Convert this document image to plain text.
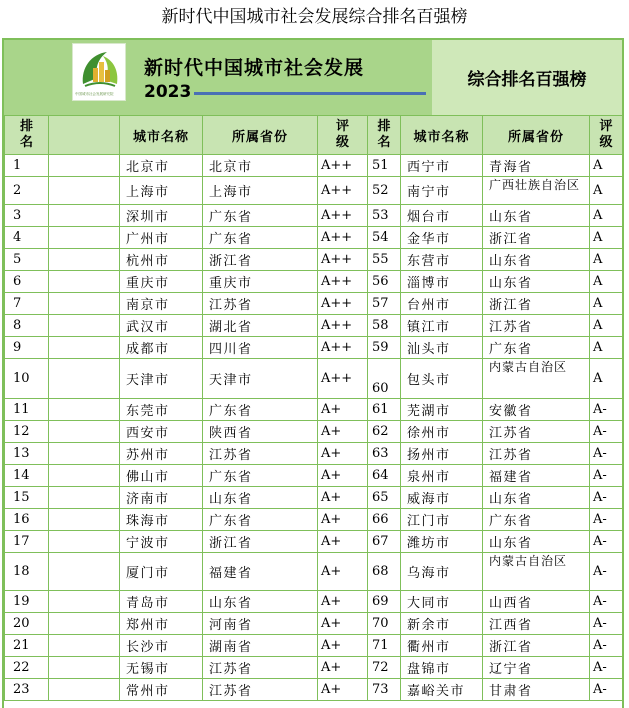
新时代中国城市社会发展综合排名百强榜
中国城市社会发展研究院
新时代中国城市社会发展
2023
综合排名百强榜
排
名		城市名称	所属省份	评
级	排
名	城市名称	所属省份	评
级
1		北京市	北京市	A++	51	西宁市	青海省	A
2		上海市	上海市	A++	52	南宁市	广西壮族自治区	A
3		深圳市	广东省	A++	53	烟台市	山东省	A
4		广州市	广东省	A++	54	金华市	浙江省	A
5		杭州市	浙江省	A++	55	东营市	山东省	A
6		重庆市	重庆市	A++	56	淄博市	山东省	A
7		南京市	江苏省	A++	57	台州市	浙江省	A
8		武汉市	湖北省	A++	58	镇江市	江苏省	A
9		成都市	四川省	A++	59	汕头市	广东省	A
10		天津市	天津市	A++	60	包头市	内蒙古自治区	A
11		东莞市	广东省	A+	61	芜湖市	安徽省	A-
12		西安市	陕西省	A+	62	徐州市	江苏省	A-
13		苏州市	江苏省	A+	63	扬州市	江苏省	A-
14		佛山市	广东省	A+	64	泉州市	福建省	A-
15		济南市	山东省	A+	65	威海市	山东省	A-
16		珠海市	广东省	A+	66	江门市	广东省	A-
17		宁波市	浙江省	A+	67	潍坊市	山东省	A-
18		厦门市	福建省	A+	68	乌海市	内蒙古自治区	A-
19		青岛市	山东省	A+	69	大同市	山西省	A-
20		郑州市	河南省	A+	70	新余市	江西省	A-
21		长沙市	湖南省	A+	71	衢州市	浙江省	A-
22		无锡市	江苏省	A+	72	盘锦市	辽宁省	A-
23		常州市	江苏省	A+	73	嘉峪关市	甘肃省	A-
